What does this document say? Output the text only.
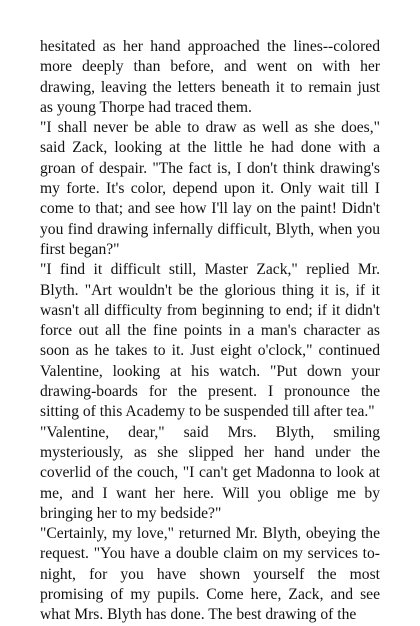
hesitated as her hand approached the lines--colored more deeply than before, and went on with her drawing, leaving the letters beneath it to remain just as young Thorpe had traced them.

"I shall never be able to draw as well as she does," said Zack, looking at the little he had done with a groan of despair. "The fact is, I don't think drawing's my forte. It's color, depend upon it. Only wait till I come to that; and see how I'll lay on the paint! Didn't you find drawing infernally difficult, Blyth, when you first began?"

"I find it difficult still, Master Zack," replied Mr. Blyth. "Art wouldn't be the glorious thing it is, if it wasn't all difficulty from beginning to end; if it didn't force out all the fine points in a man's character as soon as he takes to it. Just eight o'clock," continued Valentine, looking at his watch. "Put down your drawing-boards for the present. I pronounce the sitting of this Academy to be suspended till after tea."

"Valentine, dear," said Mrs. Blyth, smiling mysteriously, as she slipped her hand under the coverlid of the couch, "I can't get Madonna to look at me, and I want her here. Will you oblige me by bringing her to my bedside?"

"Certainly, my love," returned Mr. Blyth, obeying the request. "You have a double claim on my services to-night, for you have shown yourself the most promising of my pupils. Come here, Zack, and see what Mrs. Blyth has done. The best drawing of the
